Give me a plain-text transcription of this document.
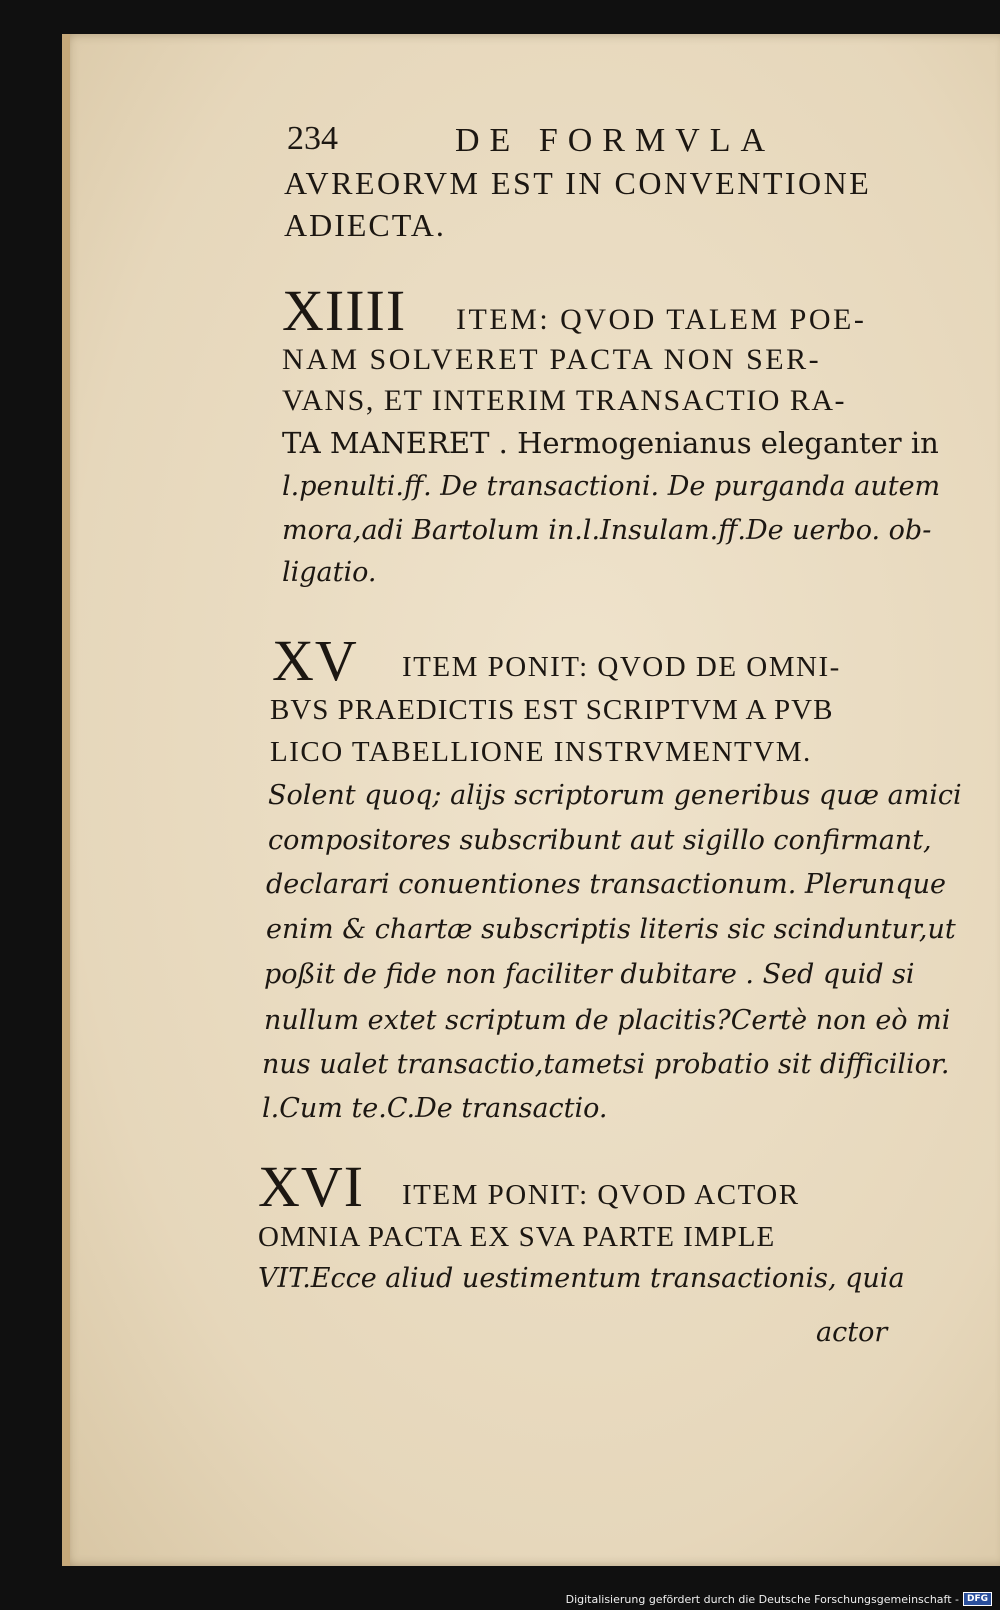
234	DE FORMVLA
AVREORVM EST IN CONVENTIONE
ADIECTA.
XIIII ITEM: QVOD TALEM POE-
NAM SOLVERET PACTA NON SER-
VANS, ET INTERIM TRANSACTIO RA-
TA MANERET . Hermogenianus eleganter in
l.penulti.ff. De transactioni. De purganda autem
mora,adi Bartolum in.l.Insulam.ff.De uerbo. ob-
ligatio.
XV ITEM PONIT: QVOD DE OMNI-
BVS PRAEDICTIS EST SCRIPTVM A PVB
LICO TABELLIONE INSTRVMENTVM.
Solent quoq; alijs scriptorum generibus quæ amici
compositores subscribunt aut sigillo confirmant,
declarari conuentiones transactionum. Plerunque
enim & chartæ subscriptis literis sic scinduntur,ut
poßit de fide non faciliter dubitare . Sed quid si
nullum extet scriptum de placitis?Certè non eò mi
nus ualet transactio,tametsi probatio sit difficilior.
l.Cum te.C.De transactio.
XVI ITEM PONIT: QVOD ACTOR
OMNIA PACTA EX SVA PARTE IMPLE
VIT.Ecce aliud uestimentum transactionis, quia
actor
Digitalisierung gefördert durch die Deutsche Forschungsgemeinschaft - DFG
